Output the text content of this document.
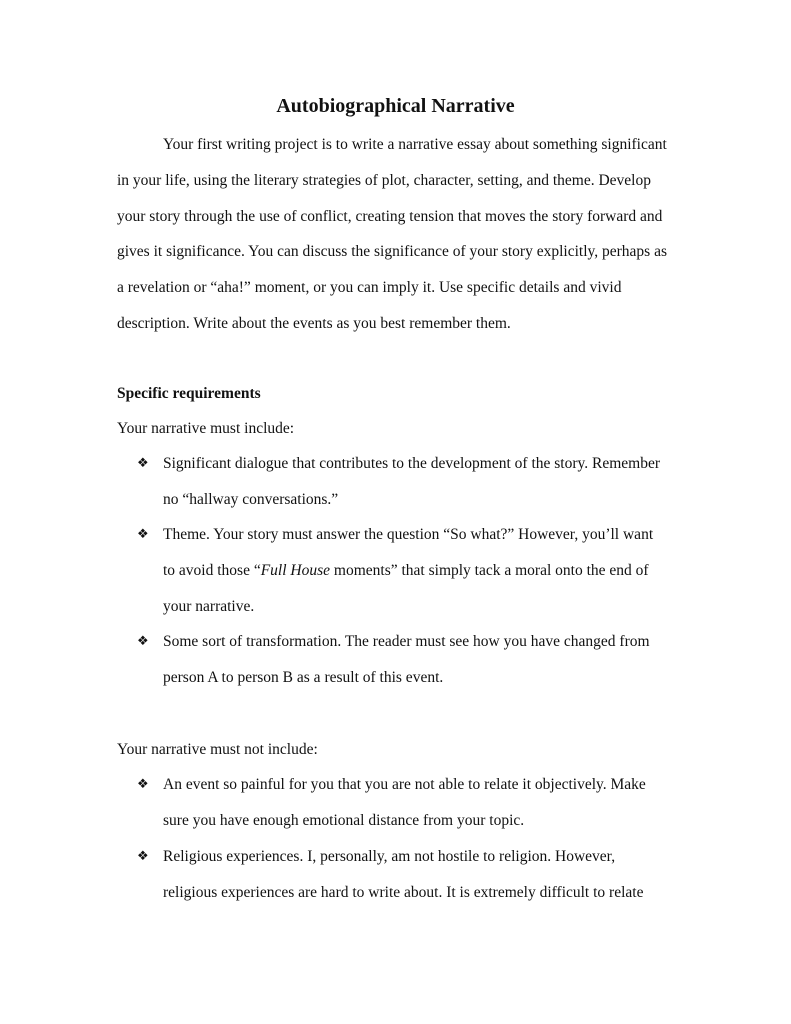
Autobiographical Narrative
Your first writing project is to write a narrative essay about something significant
in your life, using the literary strategies of plot, character, setting, and theme. Develop
your story through the use of conflict, creating tension that moves the story forward and
gives it significance. You can discuss the significance of your story explicitly, perhaps as
a revelation or “aha!” moment, or you can imply it. Use specific details and vivid
description. Write about the events as you best remember them.
Specific requirements
Your narrative must include:
❖ Significant dialogue that contributes to the development of the story. Remember
no “hallway conversations.”
❖ Theme. Your story must answer the question “So what?” However, you’ll want
to avoid those “Full House moments” that simply tack a moral onto the end of
your narrative.
❖ Some sort of transformation. The reader must see how you have changed from
person A to person B as a result of this event.
Your narrative must not include:
❖ An event so painful for you that you are not able to relate it objectively. Make
sure you have enough emotional distance from your topic.
❖ Religious experiences. I, personally, am not hostile to religion. However,
religious experiences are hard to write about. It is extremely difficult to relate
